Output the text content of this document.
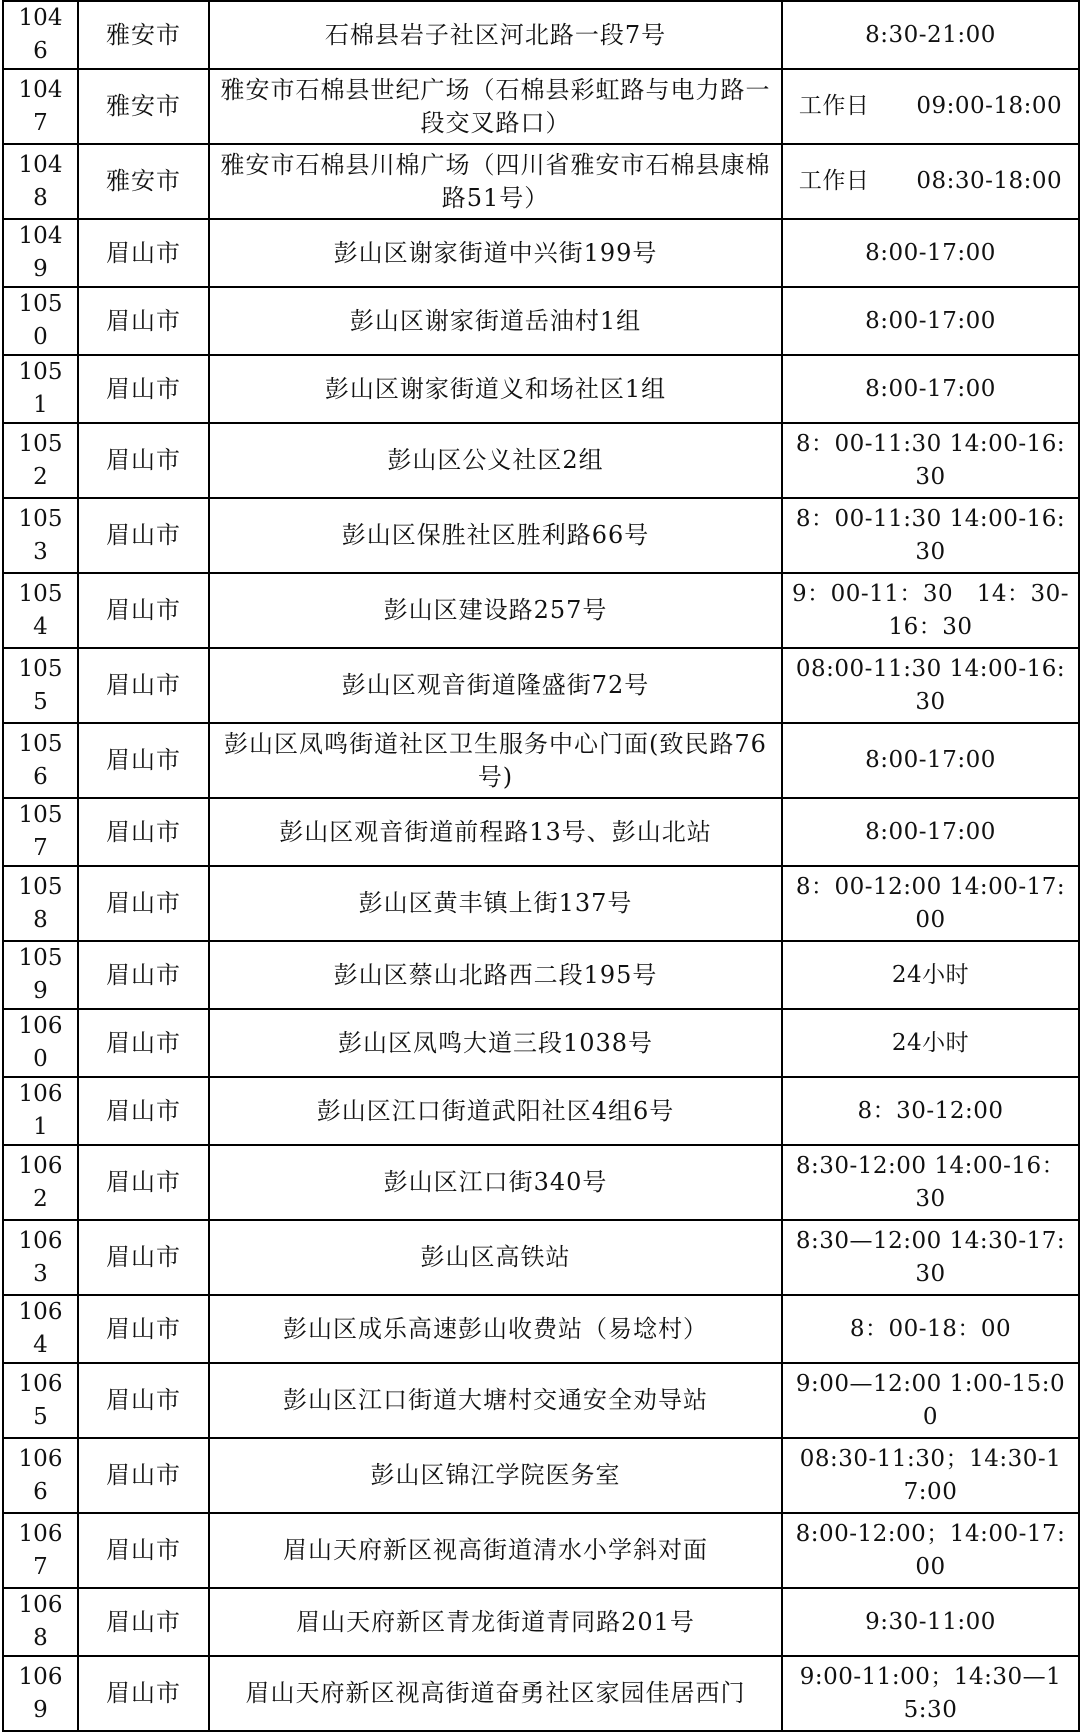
1046	雅安市	石棉县岩子社区河北路一段7号	8:30-21:00
1047	雅安市	雅安市石棉县世纪广场（石棉县彩虹路与电力路一段交叉路口）	工作日　　09:00-18:00
1048	雅安市	雅安市石棉县川棉广场（四川省雅安市石棉县康棉路51号）	工作日　　08:30-18:00
1049	眉山市	彭山区谢家街道中兴街199号	8:00-17:00
1050	眉山市	彭山区谢家街道岳油村1组	8:00-17:00
1051	眉山市	彭山区谢家街道义和场社区1组	8:00-17:00
1052	眉山市	彭山区公义社区2组	8：00-11:30 14:00-16:30
1053	眉山市	彭山区保胜社区胜利路66号	8：00-11:30 14:00-16:30
1054	眉山市	彭山区建设路257号	9：00-11：30　14：30-16：30
1055	眉山市	彭山区观音街道隆盛街72号	08:00-11:30 14:00-16:30
1056	眉山市	彭山区凤鸣街道社区卫生服务中心门面(致民路76号)	8:00-17:00
1057	眉山市	彭山区观音街道前程路13号、彭山北站	8:00-17:00
1058	眉山市	彭山区黄丰镇上街137号	8：00-12:00 14:00-17:00
1059	眉山市	彭山区蔡山北路西二段195号	24小时
1060	眉山市	彭山区凤鸣大道三段1038号	24小时
1061	眉山市	彭山区江口街道武阳社区4组6号	8：30-12:00
1062	眉山市	彭山区江口街340号	8:30-12:00 14:00-16：30
1063	眉山市	彭山区高铁站	8:30—12:00 14:30-17:30
1064	眉山市	彭山区成乐高速彭山收费站（易埝村）	8：00-18：00
1065	眉山市	彭山区江口街道大塘村交通安全劝导站	9:00—12:00 1:00-15:00
1066	眉山市	彭山区锦江学院医务室	08:30-11:30；14:30-17:00
1067	眉山市	眉山天府新区视高街道清水小学斜对面	8:00-12:00；14:00-17:00
1068	眉山市	眉山天府新区青龙街道青同路201号	9:30-11:00
1069	眉山市	眉山天府新区视高街道奋勇社区家园佳居西门	9:00-11:00；14:30—15:30
